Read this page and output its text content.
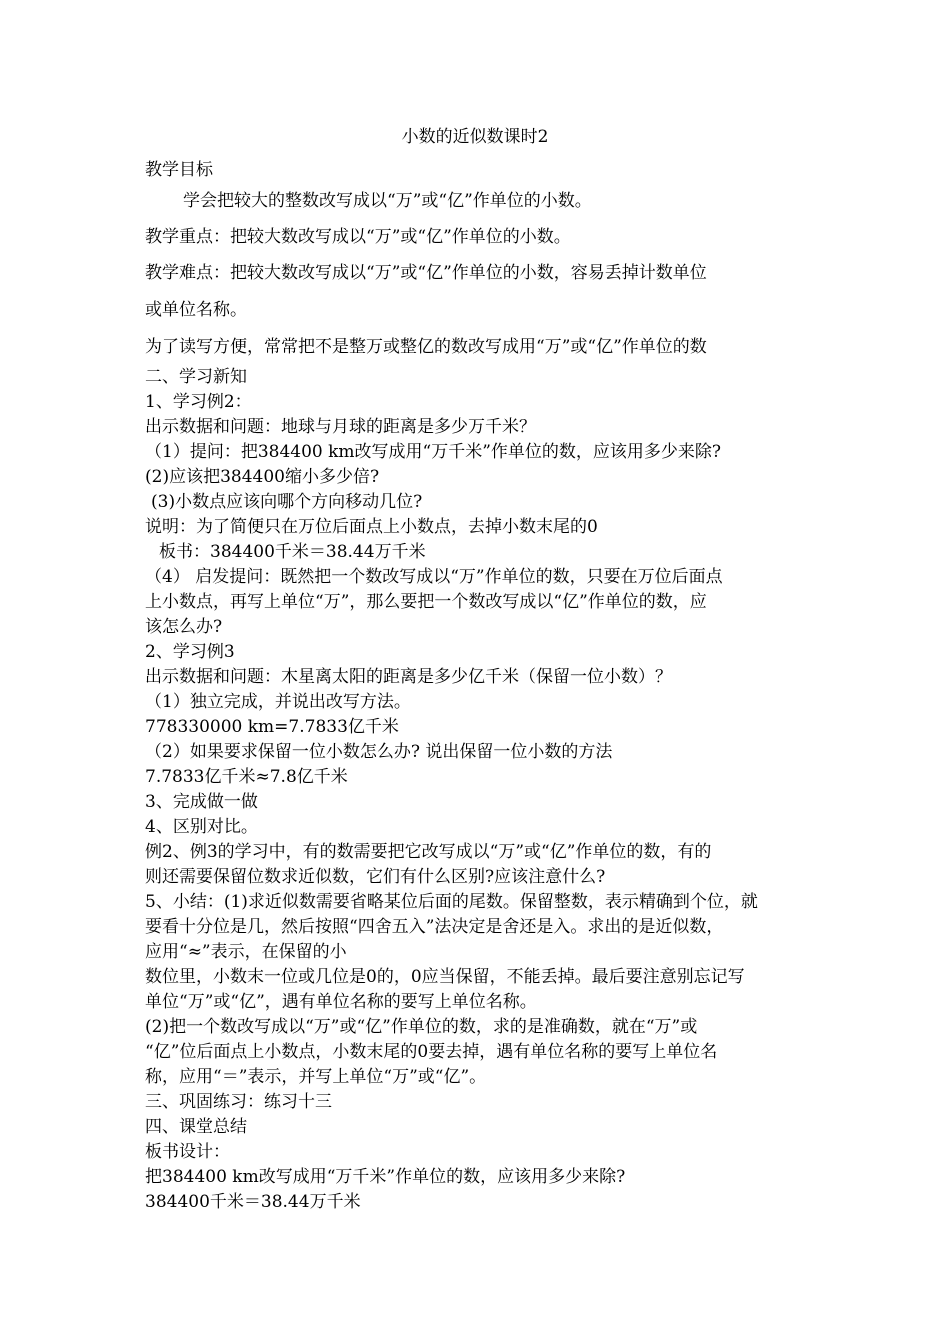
小数的近似数课时2
教学目标
学会把较大的整数改写成以“万”或“亿”作单位的小数。
教学重点：把较大数改写成以“万”或“亿”作单位的小数。
教学难点：把较大数改写成以“万”或“亿”作单位的小数，容易丢掉计数单位
或单位名称。
为了读写方便，常常把不是整万或整亿的数改写成用“万”或“亿”作单位的数
二、学习新知
1、学习例2：
出示数据和问题：地球与月球的距离是多少万千米？
（1）提问：把384400 km改写成用“万千米”作单位的数，应该用多少来除?
(2)应该把384400缩小多少倍?
(3)小数点应该向哪个方向移动几位?
说明：为了简便只在万位后面点上小数点，去掉小数末尾的0
板书：384400千米＝38.44万千米
（4） 启发提问：既然把一个数改写成以“万”作单位的数，只要在万位后面点
上小数点，再写上单位“万”，那么要把一个数改写成以“亿”作单位的数，应
该怎么办?
2、学习例3
出示数据和问题：木星离太阳的距离是多少亿千米（保留一位小数）？
（1）独立完成，并说出改写方法。
778330000 km=7.7833亿千米
（2）如果要求保留一位小数怎么办? 说出保留一位小数的方法
7.7833亿千米≈7.8亿千米
3、完成做一做
4、区别对比。
例2、例3的学习中，有的数需要把它改写成以“万”或“亿”作单位的数，有的
则还需要保留位数求近似数，它们有什么区别?应该注意什么?
5、小结：(1)求近似数需要省略某位后面的尾数。保留整数，表示精确到个位，就
要看十分位是几，然后按照“四舍五入”法决定是舍还是入。求出的是近似数，
应用“≈”表示，在保留的小
数位里，小数末一位或几位是0的，0应当保留，不能丢掉。最后要注意别忘记写
单位“万”或“亿”，遇有单位名称的要写上单位名称。
(2)把一个数改写成以“万”或“亿”作单位的数，求的是准确数，就在“万”或
“亿”位后面点上小数点，小数末尾的0要去掉，遇有单位名称的要写上单位名
称，应用“＝”表示，并写上单位“万”或“亿”。
三、巩固练习：练习十三
四、课堂总结
板书设计：
把384400 km改写成用“万千米”作单位的数，应该用多少来除?
384400千米＝38.44万千米
